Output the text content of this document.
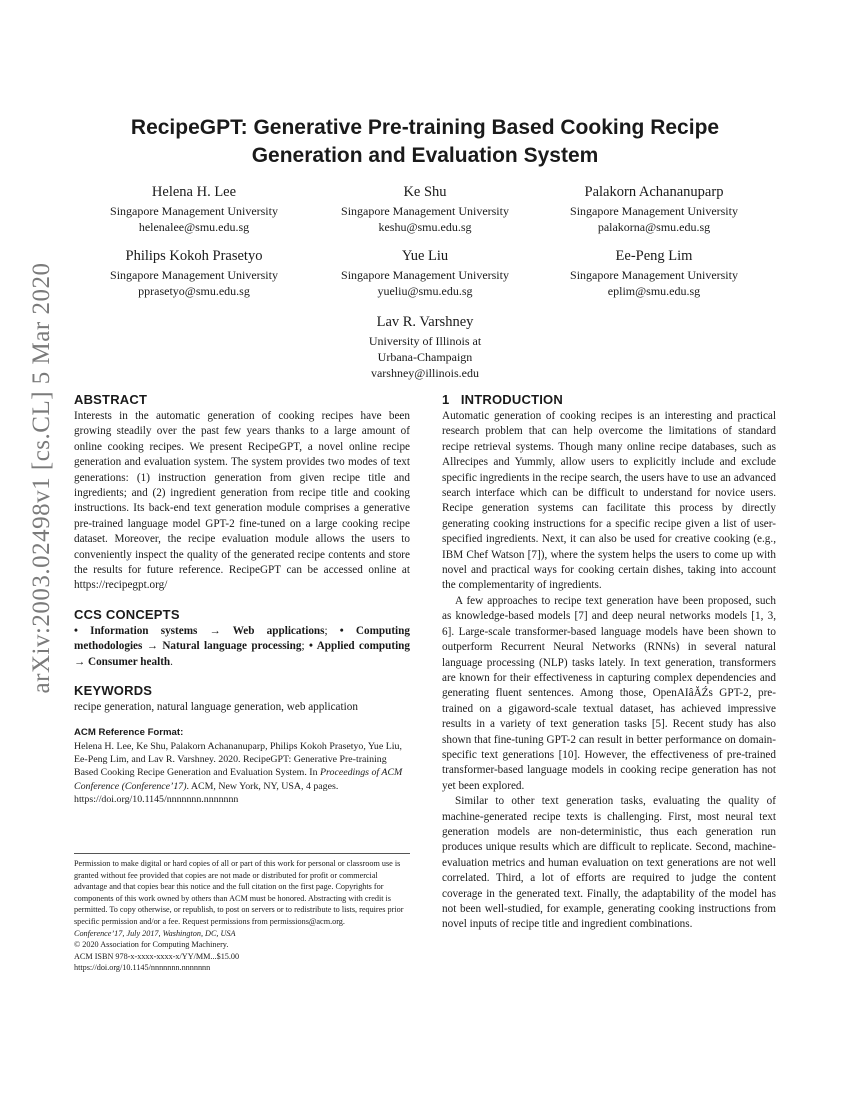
arXiv:2003.02498v1 [cs.CL] 5 Mar 2020
RecipeGPT: Generative Pre-training Based Cooking Recipe Generation and Evaluation System
Helena H. Lee
Singapore Management University
helenalee@smu.edu.sg
Ke Shu
Singapore Management University
keshu@smu.edu.sg
Palakorn Achananuparp
Singapore Management University
palakorna@smu.edu.sg
Philips Kokoh Prasetyo
Singapore Management University
pprasetyo@smu.edu.sg
Yue Liu
Singapore Management University
yueliu@smu.edu.sg
Ee-Peng Lim
Singapore Management University
eplim@smu.edu.sg
Lav R. Varshney
University of Illinois at
Urbana-Champaign
varshney@illinois.edu
ABSTRACT

Interests in the automatic generation of cooking recipes have been growing steadily over the past few years thanks to a large amount of online cooking recipes. We present RecipeGPT, a novel online recipe generation and evaluation system. The system provides two modes of text generations: (1) instruction generation from given recipe title and ingredients; and (2) ingredient generation from recipe title and cooking instructions. Its back-end text generation module comprises a generative pre-trained language model GPT-2 fine-tuned on a large cooking recipe dataset. Moreover, the recipe evaluation module allows the users to conveniently inspect the quality of the generated recipe contents and store the results for future reference. RecipeGPT can be accessed online at https://recipegpt.org/

CCS CONCEPTS

• Information systems → Web applications; • Computing methodologies → Natural language processing; • Applied computing → Consumer health.

KEYWORDS

recipe generation, natural language generation, web application

ACM Reference Format:
Helena H. Lee, Ke Shu, Palakorn Achananuparp, Philips Kokoh Prasetyo, Yue Liu, Ee-Peng Lim, and Lav R. Varshney. 2020. RecipeGPT: Generative Pre-training Based Cooking Recipe Generation and Evaluation System. In Proceedings of ACM Conference (Conference’17). ACM, New York, NY, USA, 4 pages. https://doi.org/10.1145/nnnnnnn.nnnnnnn
Permission to make digital or hard copies of all or part of this work for personal or classroom use is granted without fee provided that copies are not made or distributed for profit or commercial advantage and that copies bear this notice and the full citation on the first page. Copyrights for components of this work owned by others than ACM must be honored. Abstracting with credit is permitted. To copy otherwise, or republish, to post on servers or to redistribute to lists, requires prior specific permission and/or a fee. Request permissions from permissions@acm.org.
Conference’17, July 2017, Washington, DC, USA
© 2020 Association for Computing Machinery.
ACM ISBN 978-x-xxxx-xxxx-x/YY/MM...$15.00
https://doi.org/10.1145/nnnnnnn.nnnnnnn
1   INTRODUCTION

Automatic generation of cooking recipes is an interesting and practical research problem that can help overcome the limitations of standard recipe retrieval systems. Though many online recipe databases, such as Allrecipes and Yummly, allow users to explicitly include and exclude specific ingredients in the recipe search, the users have to use an advanced search interface which can be difficult to understand for novice users. Recipe generation systems can facilitate this process by directly generating cooking instructions for a specific recipe given a list of user-specified ingredients. Next, it can also be used for creative cooking (e.g., IBM Chef Watson [7]), where the system helps the users to come up with novel and practical ways for cooking certain dishes, taking into account the complementarity of ingredients.

A few approaches to recipe text generation have been proposed, such as knowledge-based models [7] and deep neural networks models [1, 3, 6]. Large-scale transformer-based language models have been shown to outperform Recurrent Neural Networks (RNNs) in several natural language processing (NLP) tasks lately. In text generation, transformers are known for their effectiveness in capturing complex dependencies and generating fluent sentences. Among those, OpenAIâĂŹs GPT-2, pre-trained on a gigaword-scale textual dataset, has achieved impressive results in a variety of text generation tasks [5]. Recent study has also shown that fine-tuning GPT-2 can result in better performance on domain-specific text generations [10]. However, the effectiveness of pre-trained transformer-based language models in cooking recipe generation has not yet been explored.

Similar to other text generation tasks, evaluating the quality of machine-generated recipe texts is challenging. First, most neural text generation models are non-deterministic, thus each generation run produces unique results which are difficult to replicate. Second, machine-evaluation metrics and human evaluation on text generations are not well correlated. Third, a lot of efforts are required to judge the content coverage in the generated text. Finally, the adaptability of the model has not been well-studied, for example, generating cooking instructions from novel inputs of recipe title and ingredient combinations.
